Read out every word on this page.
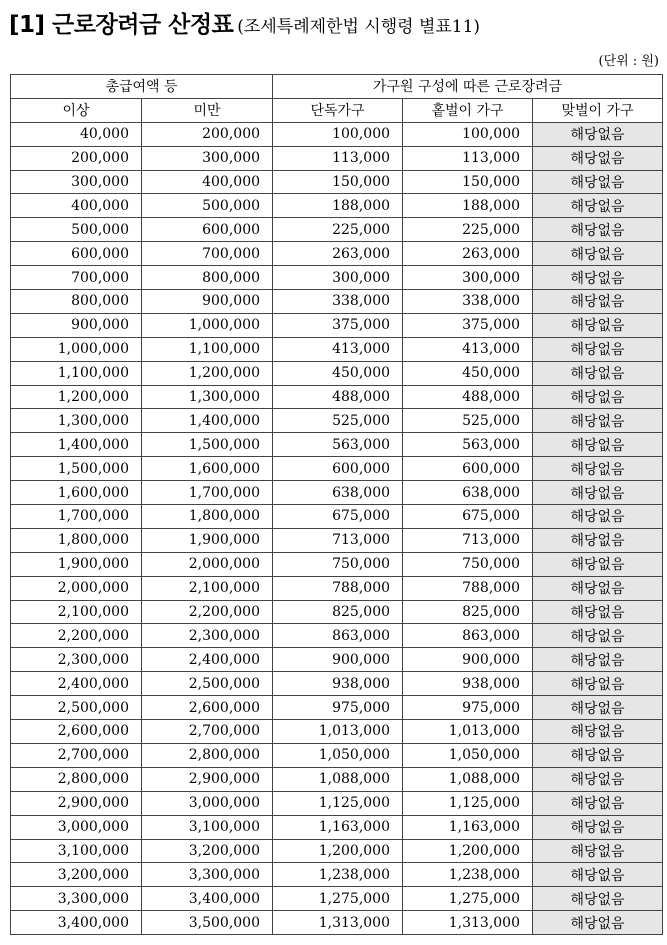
[1] 근로장려금 산정표 (조세특례제한법 시행령 별표11)
(단위 : 원)
총급여액 등		가구원 구성에 따른 근로장려금		
이상	미만	단독가구	홑벌이 가구	맞벌이 가구
40,000	200,000	100,000	100,000	해당없음
200,000	300,000	113,000	113,000	해당없음
300,000	400,000	150,000	150,000	해당없음
400,000	500,000	188,000	188,000	해당없음
500,000	600,000	225,000	225,000	해당없음
600,000	700,000	263,000	263,000	해당없음
700,000	800,000	300,000	300,000	해당없음
800,000	900,000	338,000	338,000	해당없음
900,000	1,000,000	375,000	375,000	해당없음
1,000,000	1,100,000	413,000	413,000	해당없음
1,100,000	1,200,000	450,000	450,000	해당없음
1,200,000	1,300,000	488,000	488,000	해당없음
1,300,000	1,400,000	525,000	525,000	해당없음
1,400,000	1,500,000	563,000	563,000	해당없음
1,500,000	1,600,000	600,000	600,000	해당없음
1,600,000	1,700,000	638,000	638,000	해당없음
1,700,000	1,800,000	675,000	675,000	해당없음
1,800,000	1,900,000	713,000	713,000	해당없음
1,900,000	2,000,000	750,000	750,000	해당없음
2,000,000	2,100,000	788,000	788,000	해당없음
2,100,000	2,200,000	825,000	825,000	해당없음
2,200,000	2,300,000	863,000	863,000	해당없음
2,300,000	2,400,000	900,000	900,000	해당없음
2,400,000	2,500,000	938,000	938,000	해당없음
2,500,000	2,600,000	975,000	975,000	해당없음
2,600,000	2,700,000	1,013,000	1,013,000	해당없음
2,700,000	2,800,000	1,050,000	1,050,000	해당없음
2,800,000	2,900,000	1,088,000	1,088,000	해당없음
2,900,000	3,000,000	1,125,000	1,125,000	해당없음
3,000,000	3,100,000	1,163,000	1,163,000	해당없음
3,100,000	3,200,000	1,200,000	1,200,000	해당없음
3,200,000	3,300,000	1,238,000	1,238,000	해당없음
3,300,000	3,400,000	1,275,000	1,275,000	해당없음
3,400,000	3,500,000	1,313,000	1,313,000	해당없음
